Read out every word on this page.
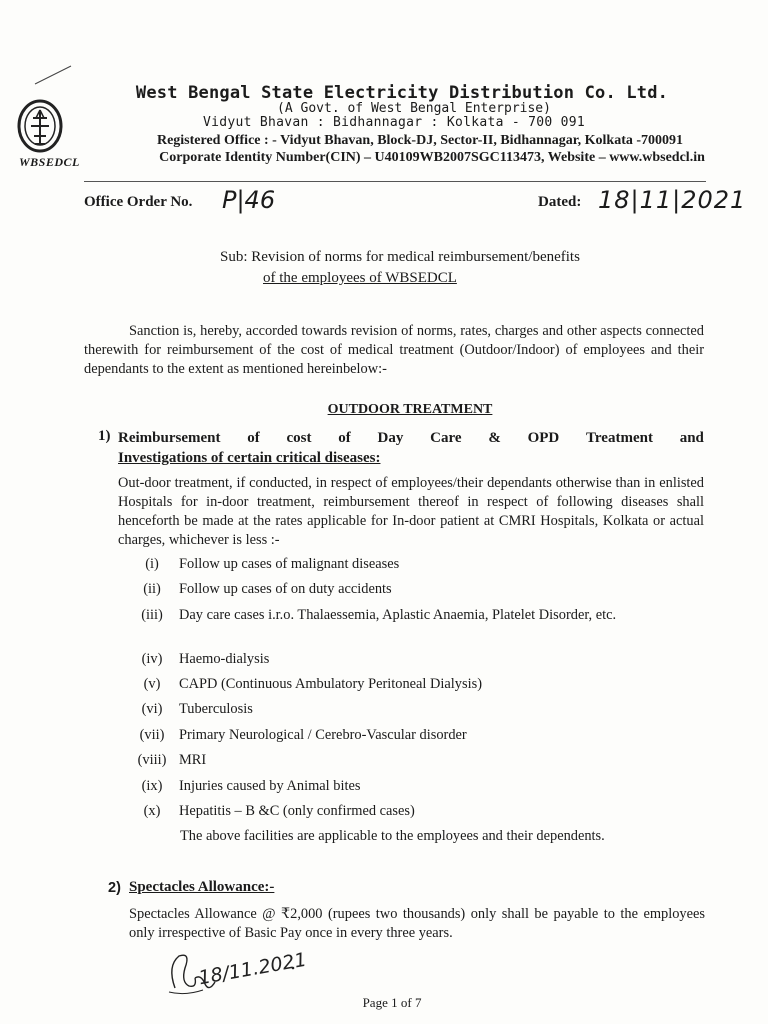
WBSEDCL
West Bengal State Electricity Distribution Co. Ltd.
(A Govt. of West Bengal Enterprise)
Vidyut Bhavan : Bidhannagar : Kolkata - 700 091
Registered Office : - Vidyut Bhavan, Block-DJ, Sector-II, Bidhannagar, Kolkata -700091
Corporate Identity Number(CIN) – U40109WB2007SGC113473, Website – www.wbsedcl.in
Office Order No. P|46	Dated: 18|11|2021
Sub: Revision of norms for medical reimbursement/benefits
of the employees of WBSEDCL
Sanction is, hereby, accorded towards revision of norms, rates, charges and other aspects connected therewith for reimbursement of the cost of medical treatment (Outdoor/Indoor) of employees and their dependants to the extent as mentioned hereinbelow:-
OUTDOOR TREATMENT
1) Reimbursement of cost of Day Care & OPD Treatment and
Investigations of certain critical diseases:
Out-door treatment, if conducted, in respect of employees/their dependants otherwise than in enlisted Hospitals for in-door treatment, reimbursement thereof in respect of following diseases shall henceforth be made at the rates applicable for In-door patient at CMRI Hospitals, Kolkata or actual charges, whichever is less :-
(i)	Follow up cases of malignant diseases
(ii)	Follow up cases of on duty accidents
(iii)	Day care cases i.r.o. Thalaessemia, Aplastic Anaemia, Platelet Disorder, etc.
(iv)	Haemo-dialysis
(v)	CAPD (Continuous Ambulatory Peritoneal Dialysis)
(vi)	Tuberculosis
(vii)	Primary Neurological / Cerebro-Vascular disorder
(viii) MRI
(ix)	Injuries caused by Animal bites
(x)	Hepatitis – B &C (only confirmed cases)
The above facilities are applicable to the employees and their dependents.
2) Spectacles Allowance:-
Spectacles Allowance @ ₹2,000 (rupees two thousands) only shall be payable to the employees only irrespective of Basic Pay once in every three years.
18/11.2021
Page 1 of 7
